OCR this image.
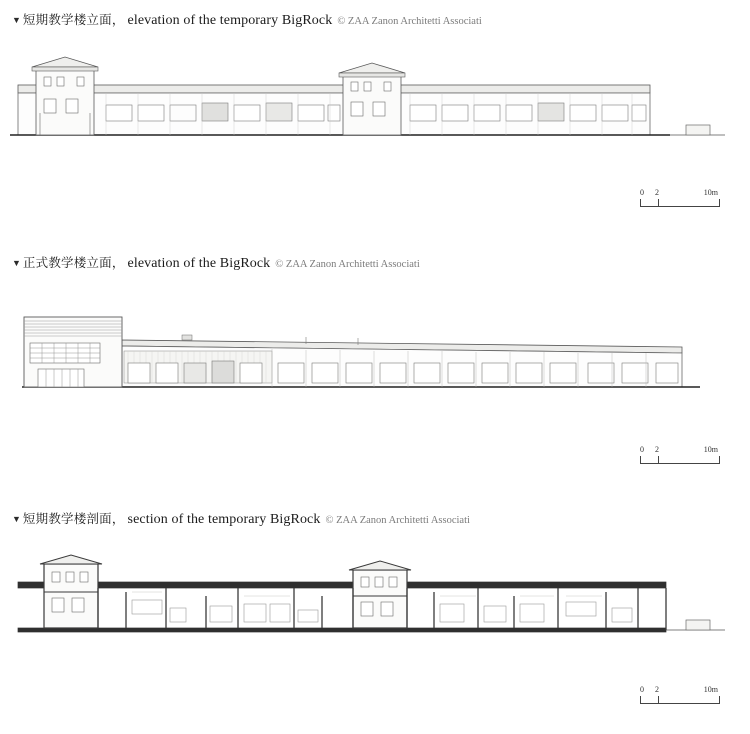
▼ 短期教学楼立面， elevation of the temporary BigRock © ZAA Zanon Architetti Associati
0 2	10m
▼ 正式教学楼立面， elevation of the BigRock © ZAA Zanon Architetti Associati
0 2	10m
▼ 短期教学楼剖面， section of the temporary BigRock © ZAA Zanon Architetti Associati
0 2	10m
